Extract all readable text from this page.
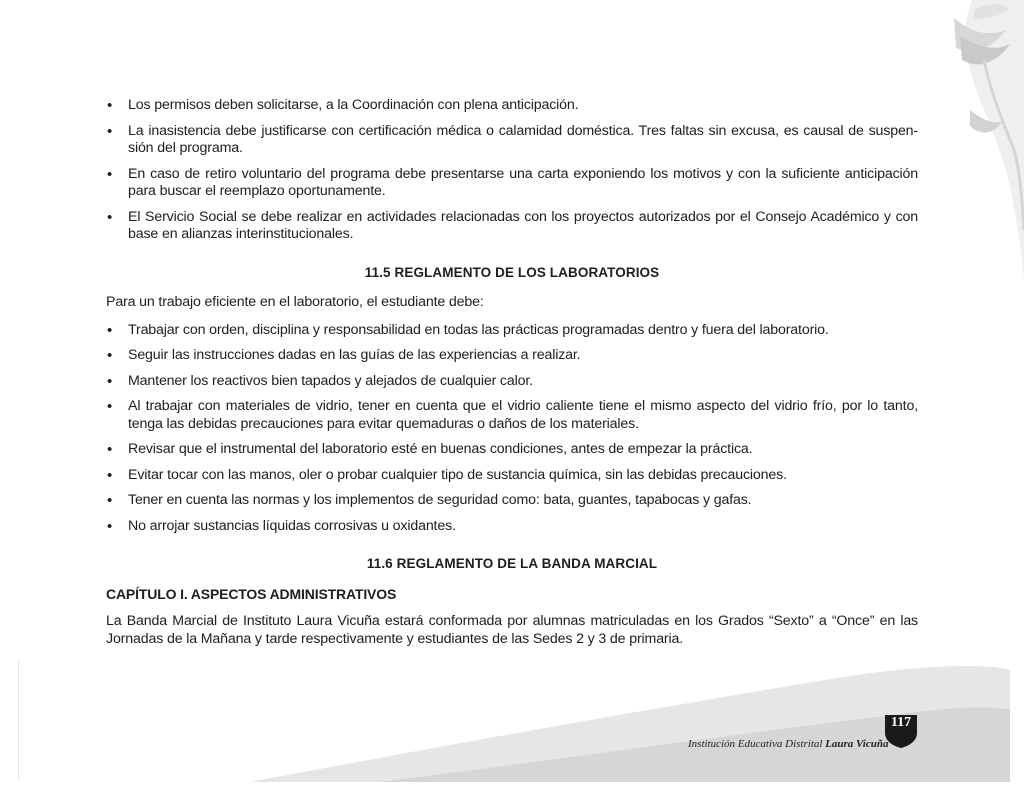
• Los permisos deben solicitarse, a la Coordinación con plena anticipación.
• La inasistencia debe justificarse con certificación médica o calamidad doméstica. Tres faltas sin excusa, es causal de suspen-sión del programa.
• En caso de retiro voluntario del programa debe presentarse una carta exponiendo los motivos y con la suficiente anticipación para buscar el reemplazo oportunamente.
• El Servicio Social se debe realizar en actividades relacionadas con los proyectos autorizados por el Consejo Académico y con base en alianzas interinstitucionales.
11.5 REGLAMENTO DE LOS LABORATORIOS

Para un trabajo eficiente en el laboratorio, el estudiante debe:

• Trabajar con orden, disciplina y responsabilidad en todas las prácticas programadas dentro y fuera del laboratorio.
• Seguir las instrucciones dadas en las guías de las experiencias a realizar.
• Mantener los reactivos bien tapados y alejados de cualquier calor.
• Al trabajar con materiales de vidrio, tener en cuenta que el vidrio caliente tiene el mismo aspecto del vidrio frío, por lo tanto, tenga las debidas precauciones para evitar quemaduras o daños de los materiales.
• Revisar que el instrumental del laboratorio esté en buenas condiciones, antes de empezar la práctica.
• Evitar tocar con las manos, oler o probar cualquier tipo de sustancia química, sin las debidas precauciones.
• Tener en cuenta las normas y los implementos de seguridad como: bata, guantes, tapabocas y gafas.
• No arrojar sustancias líquidas corrosivas u oxidantes.
11.6 REGLAMENTO DE LA BANDA MARCIAL
CAPÍTULO I. ASPECTOS ADMINISTRATIVOS

La Banda Marcial de Instituto Laura Vicuña estará conformada por alumnas matriculadas en los Grados “Sexto” a “Once” en las Jornadas de la Mañana y tarde respectivamente y estudiantes de las Sedes 2 y 3 de primaria.

Institución Educativa Distrital Laura Vicuña
117
